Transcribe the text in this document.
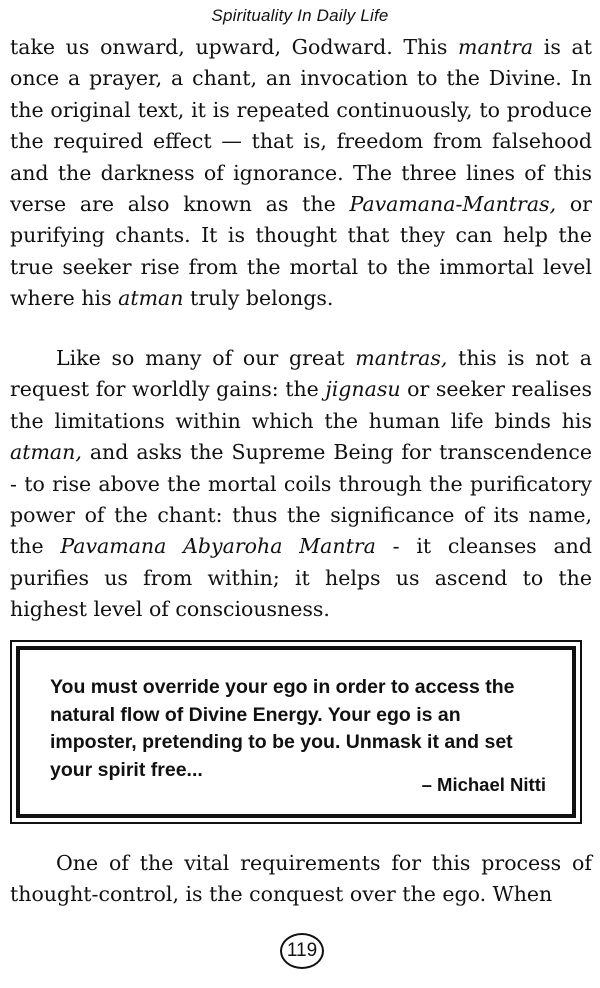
Spirituality In Daily Life

take us onward, upward, Godward. This mantra is at once a prayer, a chant, an invocation to the Divine. In the original text, it is repeated continuously, to produce the required effect — that is, freedom from falsehood and the darkness of ignorance. The three lines of this verse are also known as the Pavamana-Mantras, or purifying chants. It is thought that they can help the true seeker rise from the mortal to the immortal level where his atman truly belongs.

Like so many of our great mantras, this is not a request for worldly gains: the jignasu or seeker realises the limitations within which the human life binds his atman, and asks the Supreme Being for transcendence - to rise above the mortal coils through the purificatory power of the chant: thus the significance of its name, the Pavamana Abyaroha Mantra - it cleanses and purifies us from within; it helps us ascend to the highest level of consciousness.

You must override your ego in order to access the natural flow of Divine Energy. Your ego is an imposter, pretending to be you. Unmask it and set your spirit free...
– Michael Nitti

One of the vital requirements for this process of thought-control, is the conquest over the ego. When

119
